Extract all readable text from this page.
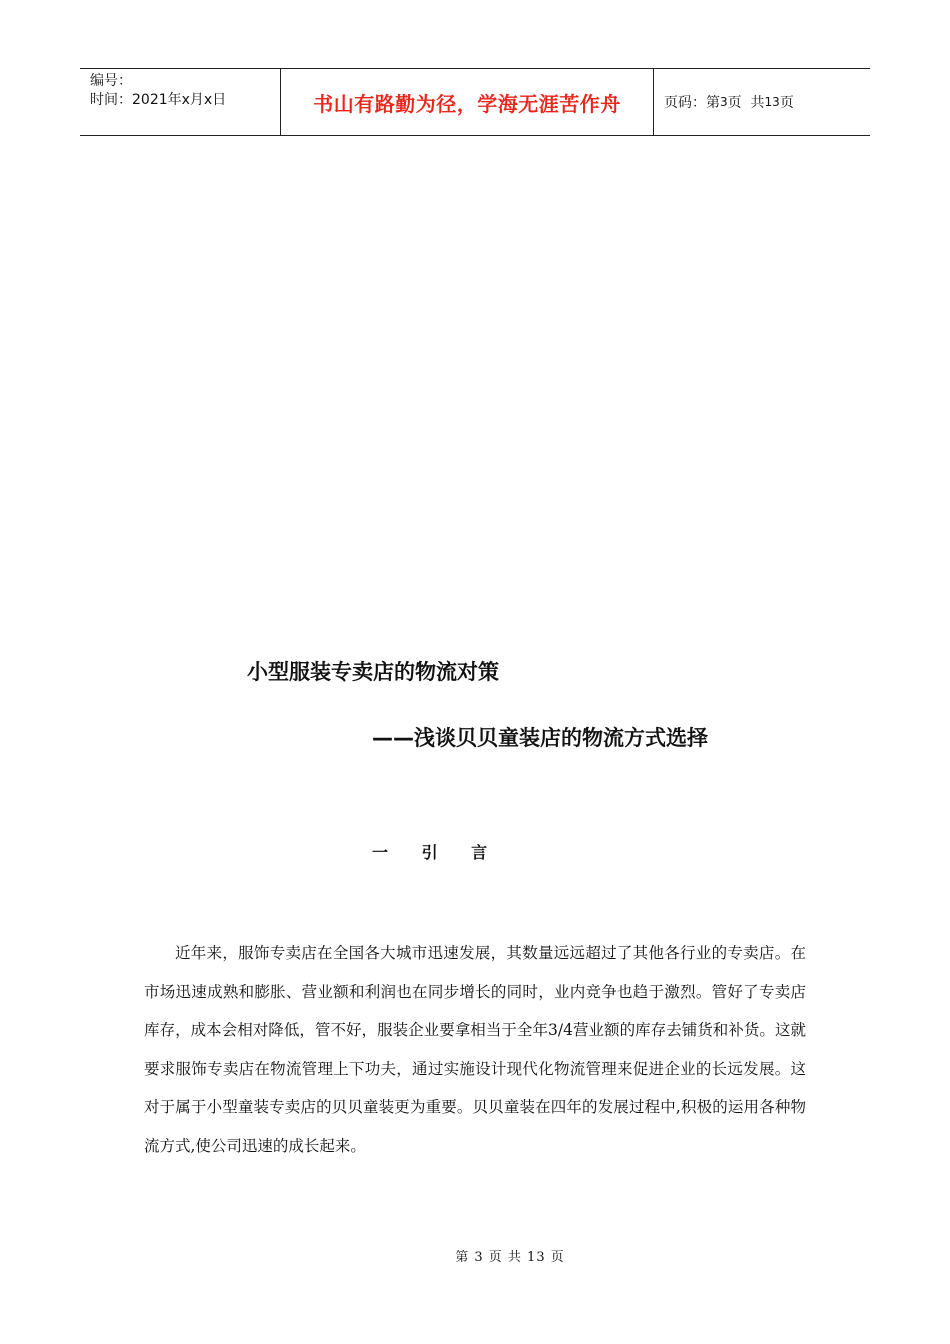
编号：
时间：2021年x月x日	书山有路勤为径，学海无涯苦作舟	页码：第 3 页  共 13 页
小型服装专卖店的物流对策
——浅谈贝贝童装店的物流方式选择
一 引 言

近年来，服饰专卖店在全国各大城市迅速发展，其数量远远超过了其他各行业的专卖店。在市场迅速成熟和膨胀、营业额和利润也在同步增长的同时，业内竞争也趋于激烈。管好了专卖店库存，成本会相对降低，管不好，服装企业要拿相当于全年3/4营业额的库存去铺货和补货。这就要求服饰专卖店在物流管理上下功夫，通过实施设计现代化物流管理来促进企业的长远发展。这对于属于小型童装专卖店的贝贝童装更为重要。贝贝童装在四年的发展过程中,积极的运用各种物流方式,使公司迅速的成长起来。

第 3 页 共 13 页
